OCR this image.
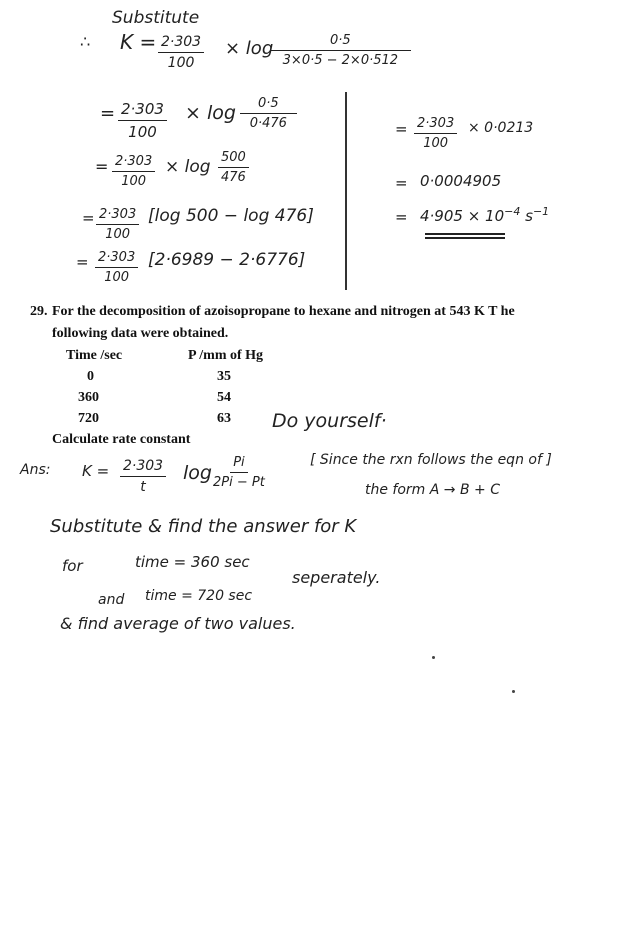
Substitute
∴ $K = \frac{2\cdot 303}{100} \times \log$
$\frac{0\cdot 5}{3\times 0\cdot 5 - 2\times 0\cdot 512}$
= $\frac{2\cdot 303}{100} \times \log \frac{0\cdot 5}{0\cdot 476}$
= $\frac{2\cdot 303}{100} \times \log \frac{500}{476}$
= $\frac{2\cdot 303}{100} [\log$ 500 − log 476]
= $\frac{2\cdot 303}{100} [2\cdot 6989 - 2\cdot 6776]$
= $\frac{2\cdot 303}{100} \times 0\cdot 0213$
= 0·0004905
= $4\cdot 905 \times 10^{-4}$ $s^{-1}$
29. For the decomposition of azoisopropane to hexane and nitrogen at 543 K T he
following data were obtained.
Time /sec	P /mm of Hg
0	35
360	54
720	63
Calculate rate constant
Do yourself·
Ans: $K = \frac{2\cdot 303}{t}$ $\log \frac{Pi}{2Pi - Pt}$	[ Since the rxn follows the eqn of ]
the form A → B + C
Substitute & find the answer for K
for	time = 360 sec
and time = 720 sec
seperately.
& find average of two values.
